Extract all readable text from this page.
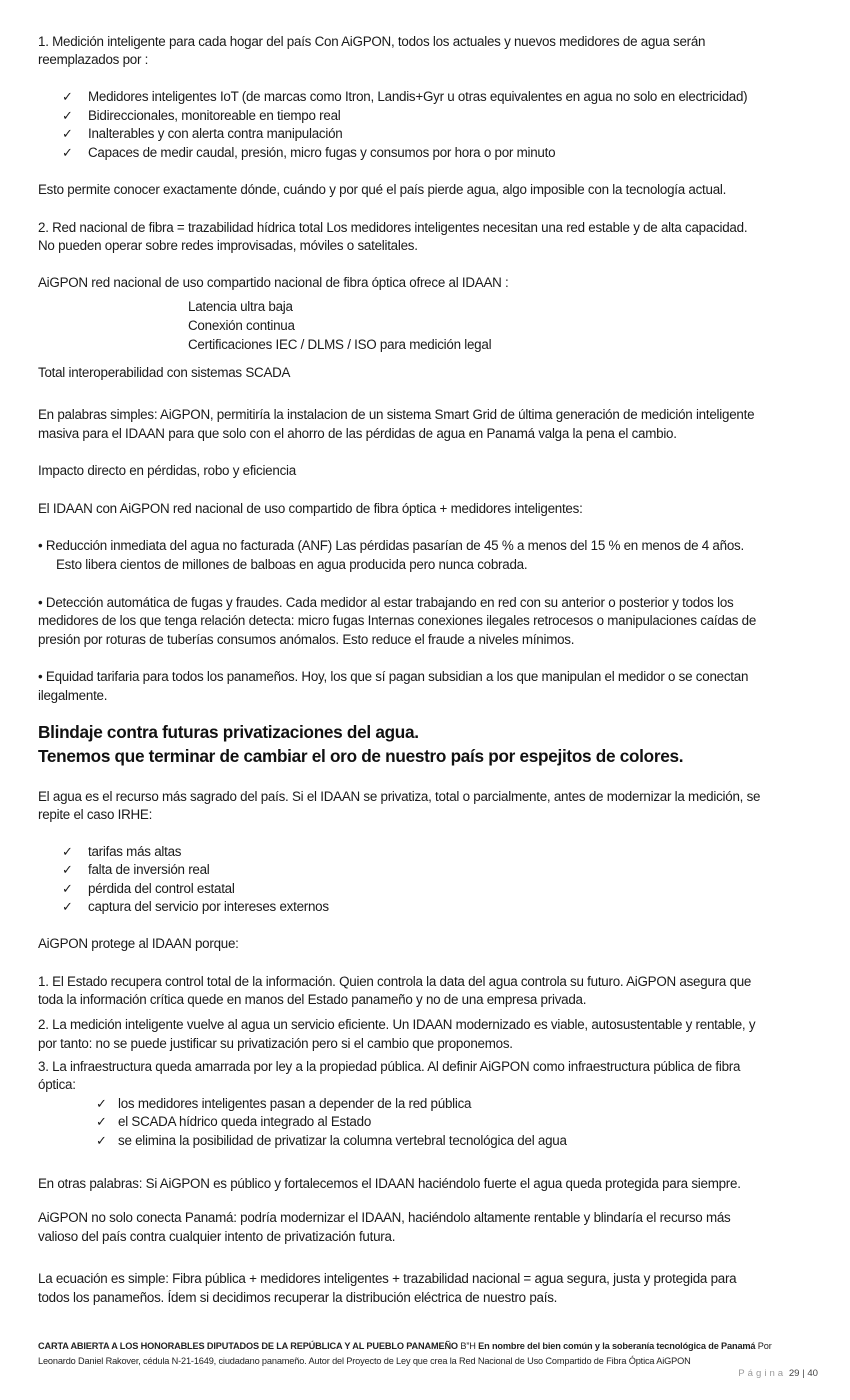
1. Medición inteligente para cada hogar del país Con AiGPON, todos los actuales y nuevos medidores de agua serán
reemplazados por :
✓ Medidores inteligentes IoT (de marcas como Itron, Landis+Gyr u otras equivalentes en agua no solo en electricidad)
✓ Bidireccionales, monitoreable en tiempo real
✓ Inalterables y con alerta contra manipulación
✓ Capaces de medir caudal, presión, micro fugas y consumos por hora o por minuto
Esto permite conocer exactamente dónde, cuándo y por qué el país pierde agua, algo imposible con la tecnología actual.
2. Red nacional de fibra = trazabilidad hídrica total Los medidores inteligentes necesitan una red estable y de alta capacidad.
No pueden operar sobre redes improvisadas, móviles o satelitales.
AiGPON red nacional de uso compartido nacional de fibra óptica ofrece al IDAAN :
Latencia ultra baja
Conexión continua
Certificaciones IEC / DLMS / ISO para medición legal
Total interoperabilidad con sistemas SCADA
En palabras simples: AiGPON, permitiría la instalacion de un sistema Smart Grid de última generación de medición inteligente
masiva para el IDAAN para que solo con el ahorro de las pérdidas de agua en Panamá valga la pena el cambio.
Impacto directo en pérdidas, robo y eficiencia
El IDAAN con AiGPON red nacional de uso compartido de fibra óptica + medidores inteligentes:
• Reducción inmediata del agua no facturada (ANF) Las pérdidas pasarían de 45 % a menos del 15 % en menos de 4 años.
Esto libera cientos de millones de balboas en agua producida pero nunca cobrada.
• Detección automática de fugas y fraudes. Cada medidor al estar trabajando en red con su anterior o posterior y todos los
medidores de los que tenga relación detecta: micro fugas Internas conexiones ilegales retrocesos o manipulaciones caídas de
presión por roturas de tuberías consumos anómalos. Esto reduce el fraude a niveles mínimos.
• Equidad tarifaria para todos los panameños. Hoy, los que sí pagan subsidian a los que manipulan el medidor o se conectan
ilegalmente.
Blindaje contra futuras privatizaciones del agua.
Tenemos que terminar de cambiar el oro de nuestro país por espejitos de colores.
El agua es el recurso más sagrado del país. Si el IDAAN se privatiza, total o parcialmente, antes de modernizar la medición, se
repite el caso IRHE:
✓ tarifas más altas
✓ falta de inversión real
✓ pérdida del control estatal
✓ captura del servicio por intereses externos
AiGPON protege al IDAAN porque:
1. El Estado recupera control total de la información. Quien controla la data del agua controla su futuro. AiGPON asegura que
toda la información crítica quede en manos del Estado panameño y no de una empresa privada.
2. La medición inteligente vuelve al agua un servicio eficiente. Un IDAAN modernizado es viable, autosustentable y rentable, y
por tanto: no se puede justificar su privatización pero si el cambio que proponemos.
3. La infraestructura queda amarrada por ley a la propiedad pública. Al definir AiGPON como infraestructura pública de fibra
óptica:
✓ los medidores inteligentes pasan a depender de la red pública
✓ el SCADA hídrico queda integrado al Estado
✓ se elimina la posibilidad de privatizar la columna vertebral tecnológica del agua
En otras palabras: Si AiGPON es público y fortalecemos el IDAAN haciéndolo fuerte el agua queda protegida para siempre.
AiGPON no solo conecta Panamá: podría modernizar el IDAAN, haciéndolo altamente rentable y blindaría el recurso más
valioso del país contra cualquier intento de privatización futura.
La ecuación es simple: Fibra pública + medidores inteligentes + trazabilidad nacional = agua segura, justa y protegida para
todos los panameños. Ídem si decidimos recuperar la distribución eléctrica de nuestro país.
CARTA ABIERTA A LOS HONORABLES DIPUTADOS DE LA REPÚBLICA Y AL PUEBLO PANAMEÑO B”H En nombre del bien común y la soberanía tecnológica de Panamá Por
Leonardo Daniel Rakover, cédula N-21-1649, ciudadano panameño. Autor del Proyecto de Ley que crea la Red Nacional de Uso Compartido de Fibra Óptica AiGPON
Página 29 | 40
